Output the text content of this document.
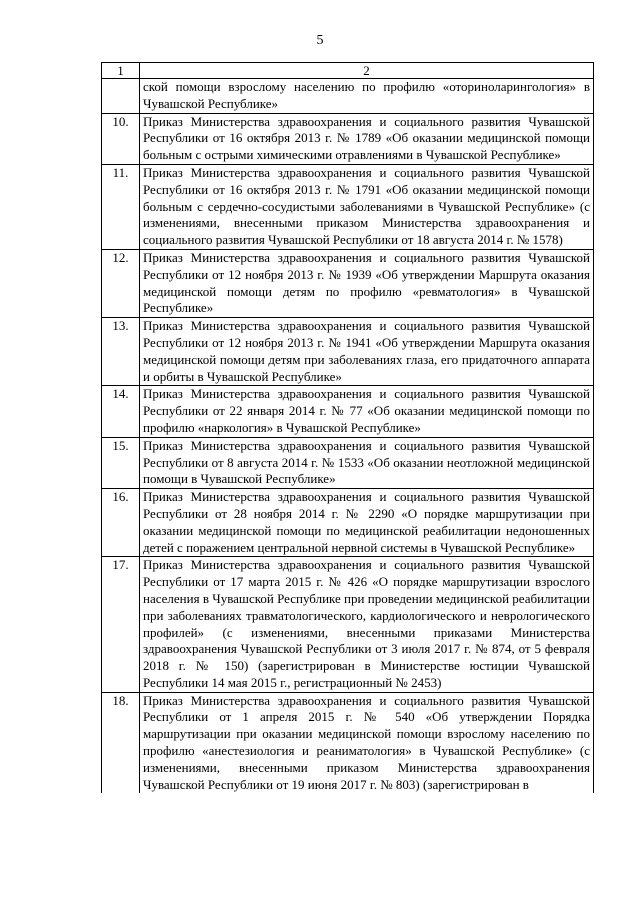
5
1	2
	ской помощи взрослому населению по профилю «оториноларингология» в Чувашской Республике»
10.	Приказ Министерства здравоохранения и социального развития Чувашской Республики от 16 октября 2013 г. № 1789 «Об оказании медицинской помощи больным с острыми химическими отравлениями в Чувашской Республике»
11.	Приказ Министерства здравоохранения и социального развития Чувашской Республики от 16 октября 2013 г. № 1791 «Об оказании медицинской помощи больным с сердечно-сосудистыми заболеваниями в Чувашской Республике» (с изменениями, внесенными приказом Министерства здравоохранения и социального развития Чувашской Республики от 18 августа 2014 г. № 1578)
12.	Приказ Министерства здравоохранения и социального развития Чувашской Республики от 12 ноября 2013 г. № 1939 «Об утверждении Маршрута оказания медицинской помощи детям по профилю «ревматология» в Чувашской Республике»
13.	Приказ Министерства здравоохранения и социального развития Чувашской Республики от 12 ноября 2013 г. № 1941 «Об утверждении Маршрута оказания медицинской помощи детям при заболеваниях глаза, его придаточного аппарата и орбиты в Чувашской Республике»
14.	Приказ Министерства здравоохранения и социального развития Чувашской Республики от 22 января 2014 г. № 77 «Об оказании медицинской помощи по профилю «наркология» в Чувашской Республике»
15.	Приказ Министерства здравоохранения и социального развития Чувашской Республики от 8 августа 2014 г. № 1533 «Об оказании неотложной медицинской помощи в Чувашской Республике»
16.	Приказ Министерства здравоохранения и социального развития Чувашской Республики от 28 ноября 2014 г. № 2290 «О порядке маршрутизации при оказании медицинской помощи по медицинской реабилитации недоношенных детей с поражением центральной нервной системы в Чувашской Республике»
17.	Приказ Министерства здравоохранения и социального развития Чувашской Республики от 17 марта 2015 г. № 426 «О порядке маршрутизации взрослого населения в Чувашской Республике при проведении медицинской реабилитации при заболеваниях травматологического, кардиологического и неврологического профилей» (с изменениями, внесенными приказами Министерства здравоохранения Чувашской Республики от 3 июля 2017 г. № 874, от 5 февраля 2018 г. № 150) (зарегистрирован в Министерстве юстиции Чувашской Республики 14 мая 2015 г., регистрационный № 2453)
18.	Приказ Министерства здравоохранения и социального развития Чувашской Республики от 1 апреля 2015 г. № 540 «Об утверждении Порядка маршрутизации при оказании медицинской помощи взрослому населению по профилю «анестезиология и реаниматология» в Чувашской Республике» (с изменениями, внесенными приказом Министерства здравоохранения Чувашской Республики от 19 июня 2017 г. № 803) (зарегистрирован в
